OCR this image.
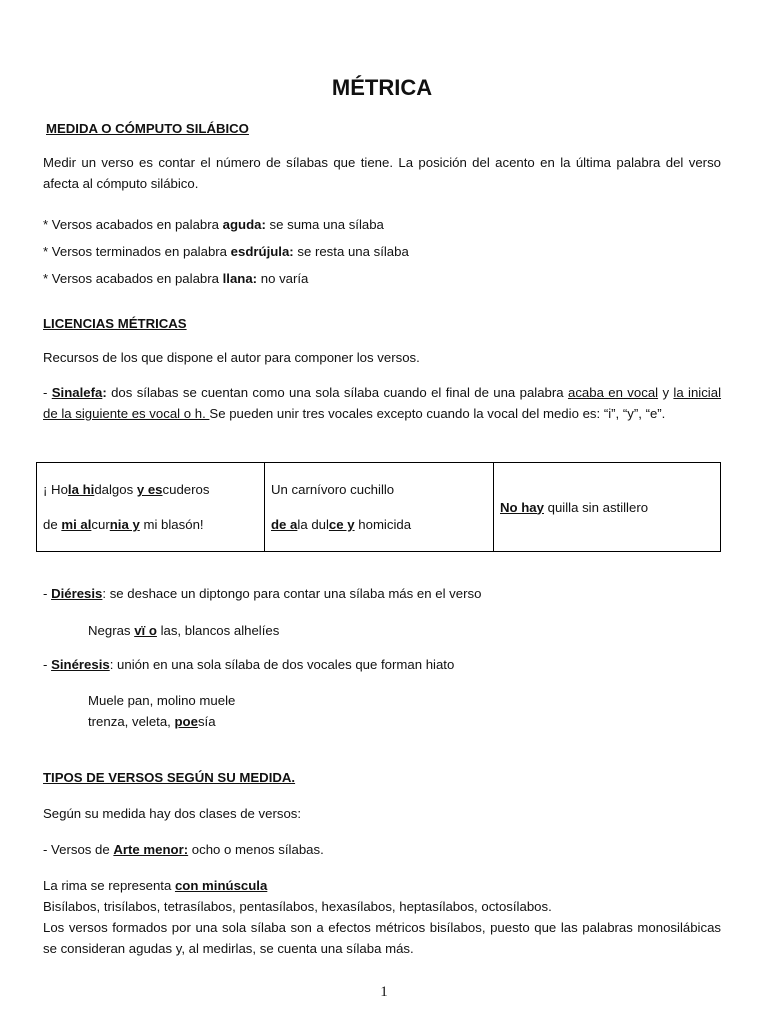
MÉTRICA
MEDIDA O CÓMPUTO SILÁBICO
Medir un verso es contar el número de sílabas que tiene. La posición del acento en la última palabra del verso afecta al cómputo silábico.
* Versos acabados en palabra aguda: se suma una sílaba
* Versos terminados en palabra esdrújula: se resta una sílaba
* Versos acabados en palabra llana: no varía
LICENCIAS MÉTRICAS
Recursos de los que dispone el autor para componer los versos.
- Sinalefa: dos sílabas se cuentan como una sola sílaba cuando el final de una palabra acaba en vocal y la inicial de la siguiente es vocal o h. Se pueden unir tres vocales excepto cuando la vocal del medio es: “i”, “y”, “e”.
¡ Hola hidalgos y escuderos
de mi alcurnia y mi blasón!

Un carnívoro cuchillo
de ala dulce y homicida

No hay quilla sin astillero
- Diéresis: se deshace un diptongo para contar una sílaba más en el verso
Negras vï o las, blancos alhelíes
- Sinéresis: unión en una sola sílaba de dos vocales que forman hiato
Muele pan, molino muele
trenza, veleta, poesía
TIPOS DE VERSOS SEGÚN SU MEDIDA.
Según su medida hay dos clases de versos:
- Versos de Arte menor: ocho o menos sílabas.
La rima se representa con minúscula
Bisílabos, trisílabos, tetrasílabos, pentasílabos, hexasílabos, heptasílabos, octosílabos.
Los versos formados por una sola sílaba son a efectos métricos bisílabos, puesto que las palabras monosilábicas se consideran agudas y, al medirlas, se cuenta una sílaba más.
1
